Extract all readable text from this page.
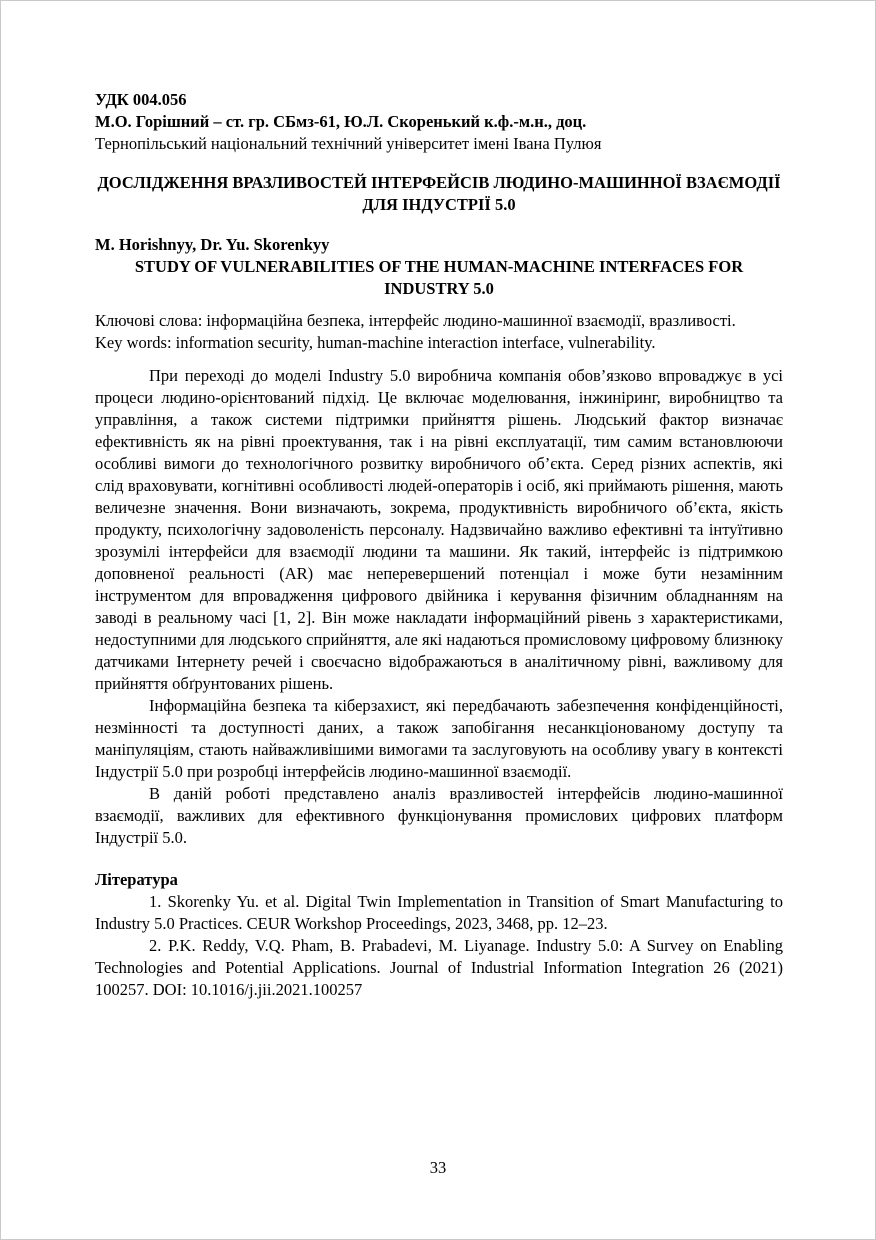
УДК 004.056
М.О. Горішний – ст. гр. СБмз-61, Ю.Л. Скоренький к.ф.-м.н., доц.
Тернопільський національний технічний університет імені Івана Пулюя
ДОСЛІДЖЕННЯ ВРАЗЛИВОСТЕЙ ІНТЕРФЕЙСІВ ЛЮДИНО-МАШИННОЇ ВЗАЄМОДІЇ ДЛЯ ІНДУСТРІЇ 5.0
M. Horishnyy, Dr. Yu. Skorenkyy
STUDY OF VULNERABILITIES OF THE HUMAN-MACHINE INTERFACES FOR INDUSTRY 5.0

Ключові слова: інформаційна безпека, інтерфейс людино-машинної взаємодії, вразливості.

Key words: information security, human-machine interaction interface, vulnerability.

При переході до моделі Industry 5.0 виробнича компанія обов’язково впроваджує в усі процеси людино-орієнтований підхід. Це включає моделювання, інжиніринг, виробництво та управління, а також системи підтримки прийняття рішень. Людський фактор визначає ефективність як на рівні проектування, так і на рівні експлуатації, тим самим встановлюючи особливі вимоги до технологічного розвитку виробничого об’єкта. Серед різних аспектів, які слід враховувати, когнітивні особливості людей-операторів і осіб, які приймають рішення, мають величезне значення. Вони визначають, зокрема, продуктивність виробничого об’єкта, якість продукту, психологічну задоволеність персоналу. Надзвичайно важливо ефективні та інтуїтивно зрозумілі інтерфейси для взаємодії людини та машини. Як такий, інтерфейс із підтримкою доповненої реальності (AR) має неперевершений потенціал і може бути незамінним інструментом для впровадження цифрового двійника і керування фізичним обладнанням на заводі в реальному часі [1, 2]. Він може накладати інформаційний рівень з характеристиками, недоступними для людського сприйняття, але які надаються промисловому цифровому близнюку датчиками Інтернету речей і своєчасно відображаються в аналітичному рівні, важливому для прийняття обґрунтованих рішень.

Інформаційна безпека та кіберзахист, які передбачають забезпечення конфіденційності, незмінності та доступності даних, а також запобігання несанкціонованому доступу та маніпуляціям, стають найважливішими вимогами та заслуговують на особливу увагу в контексті Індустрії 5.0 при розробці інтерфейсів людино-машинної взаємодії.

В даній роботі представлено аналіз вразливостей інтерфейсів людино-машинної взаємодії, важливих для ефективного функціонування промислових цифрових платформ Індустрії 5.0.

Література

1. Skorenky Yu. et al. Digital Twin Implementation in Transition of Smart Manufacturing to Industry 5.0 Practices. CEUR Workshop Proceedings, 2023, 3468, pp. 12–23.

2. P.K. Reddy, V.Q. Pham, B. Prabadevi, M. Liyanage. Industry 5.0: A Survey on Enabling Technologies and Potential Applications. Journal of Industrial Information Integration 26 (2021) 100257. DOI: 10.1016/j.jii.2021.100257

33
